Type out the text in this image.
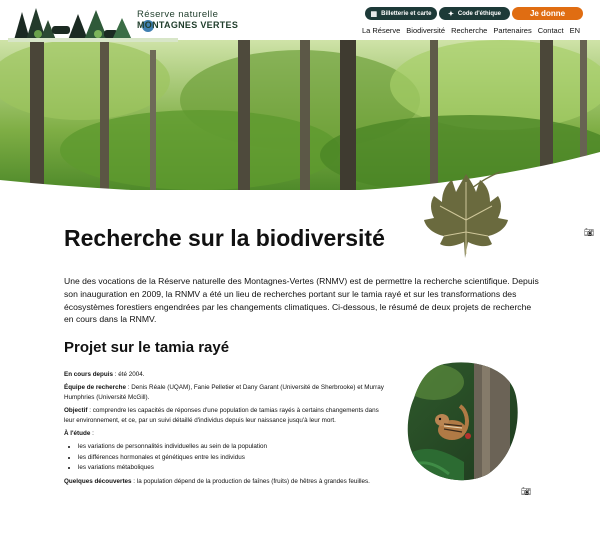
Réserve naturelle
MONTAGNES VERTES
▦ Billetterie et carte ✦ Code d'éthique	Je donne
La Réserve Biodiversité Recherche Partenaires Contact EN
Recherche sur la biodiversité	📷︎

Une des vocations de la Réserve naturelle des Montagnes-Vertes (RNMV) est de permettre la recherche scientifique. Depuis son inauguration en 2009, la RNMV a été un lieu de recherches portant sur le tamia rayé et sur les transformations des écosystèmes forestiers engendrées par les changements climatiques. Ci-dessous, le résumé de deux projets de recherche en cours dans la RNMV.

Projet sur le tamia rayé

En cours depuis : été 2004.

Équipe de recherche : Denis Réale (UQAM), Fanie Pelletier et Dany Garant (Université de Sherbrooke) et Murray Humphries (Université McGill).

Objectif : comprendre les capacités de réponses d'une population de tamias rayés à certains changements dans leur environnement, et ce, par un suivi détaillé d'individus depuis leur naissance jusqu'à leur mort.

À l'étude :

• les variations de personnalités individuelles au sein de la population
• les différences hormonales et génétiques entre les individus
• les variations métaboliques

Quelques découvertes : la population dépend de la production de faînes (fruits) de hêtres à grandes feuilles.

📷︎
